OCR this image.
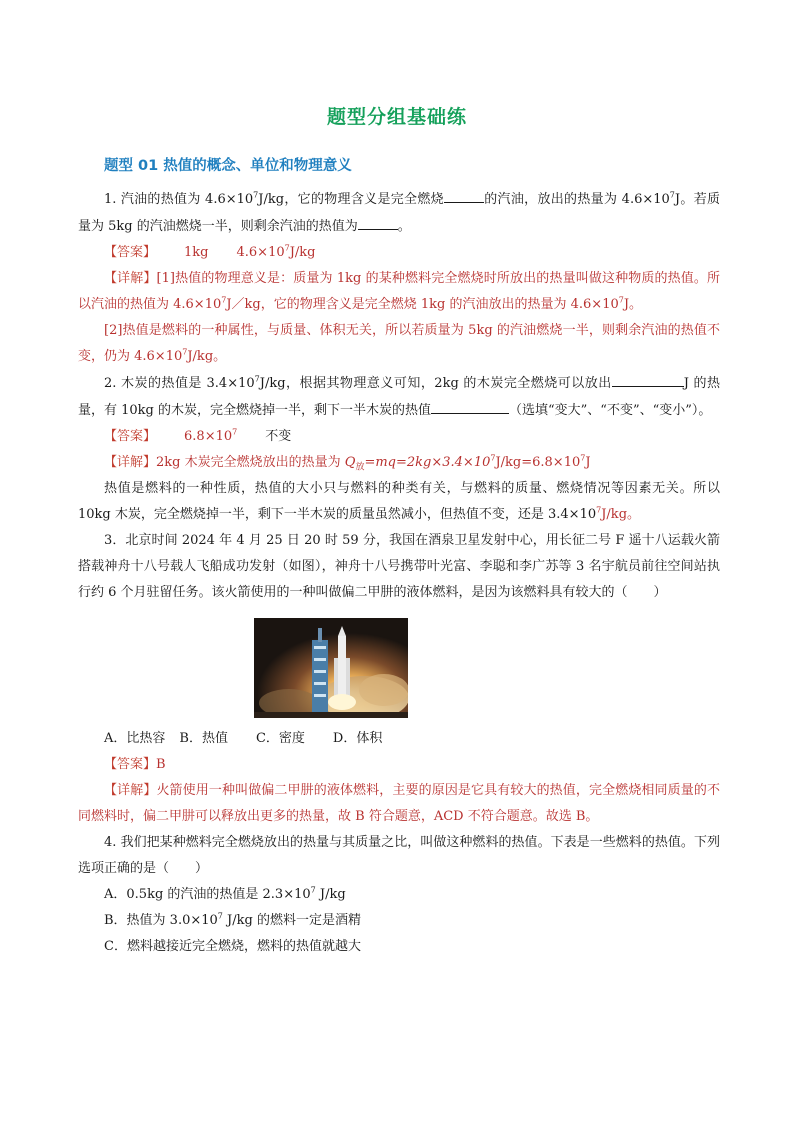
题型分组基础练
题型 01 热值的概念、单位和物理意义

1. 汽油的热值为 $4.6\times 10^7J/kg$，它的物理含义是完全燃烧	的汽油，放出的热量为 $4.6\times 10^7J$。若质量为 5kg 的汽油燃烧一半，则剩余汽油的热值为	。

【答案】 1kg $4.6\times 10^7J/kg$

【详解】[1]热值的物理意义是：质量为 1kg 的某种燃料完全燃烧时所放出的热量叫做这种物质的热值。所以汽油的热值为 $4.6\times 10^7J/kg$，它的物理含义是完全燃烧 1kg 的汽油放出的热量为 $4.6\times 10^7J$。

[2]热值是燃料的一种属性，与质量、体积无关，所以若质量为 5kg 的汽油燃烧一半，则剩余汽油的热值不变，仍为 $4.6\times 10^7J/kg$。

2. 木炭的热值是 $3.4\times 10^7J/kg$，根据其物理意义可知，2kg 的木炭完全燃烧可以放出	J 的热量，有 10kg 的木炭，完全燃烧掉一半，剩下一半木炭的热值	（选填“变大”、“不变”、“变小”）。

【答案】 $6.8\times 10^7$ 不变

【详解】2kg 木炭完全燃烧放出的热量为 $Q_放=mq=2kg\times 3.4\times 10^7J/kg=6.8\times 10^7J$

热值是燃料的一种性质，热值的大小只与燃料的种类有关，与燃料的质量、燃烧情况等因素无关。所以 10kg 木炭，完全燃烧掉一半，剩下一半木炭的质量虽然减小，但热值不变，还是 $3.4\times 10^7J/kg$。

3．北京时间 2024 年 4 月 25 日 20 时 59 分，我国在酒泉卫星发射中心，用长征二号 F 遥十八运载火箭搭载神舟十八号载人飞船成功发射（如图），神舟十八号携带叶光富、李聪和李广苏等 3 名宇航员前往空间站执行约 6 个月驻留任务。该火箭使用的一种叫做偏二甲肼的液体燃料，是因为该燃料具有较大的（　　）

A．比热容 B．热值 C．密度 D．体积

【答案】B

【详解】火箭使用一种叫做偏二甲肼的液体燃料，主要的原因是它具有较大的热值，完全燃烧相同质量的不同燃料时，偏二甲肼可以释放出更多的热量，故 B 符合题意，ACD 不符合题意。故选 B。

4. 我们把某种燃料完全燃烧放出的热量与其质量之比，叫做这种燃料的热值。下表是一些燃料的热值。下列选项正确的是（　　）

A．0.5kg 的汽油的热值是 $2.3\times 10^7$ J/kg

B．热值为 $3.0\times 10^7$ J/kg 的燃料一定是酒精

C．燃料越接近完全燃烧，燃料的热值就越大
